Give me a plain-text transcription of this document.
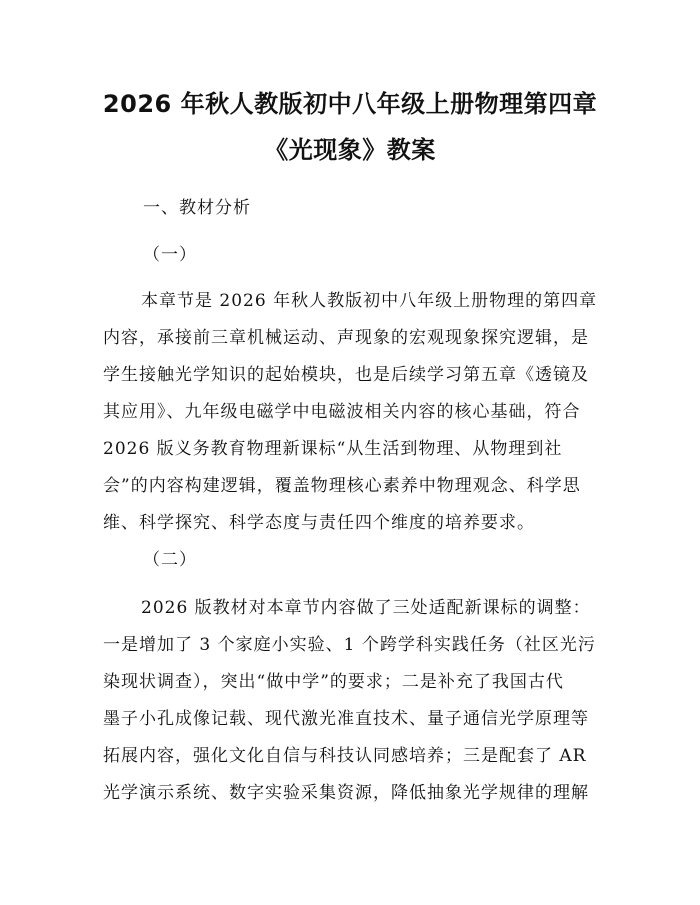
2026 年秋人教版初中八年级上册物理第四章
《光现象》教案
一、教材分析
（一）
本章节是 2026 年秋人教版初中八年级上册物理的第四章
内容，承接前三章机械运动、声现象的宏观现象探究逻辑，是
学生接触光学知识的起始模块，也是后续学习第五章《透镜及
其应用》、九年级电磁学中电磁波相关内容的核心基础，符合
2026 版义务教育物理新课标“从生活到物理、从物理到社
会”的内容构建逻辑，覆盖物理核心素养中物理观念、科学思
维、科学探究、科学态度与责任四个维度的培养要求。
（二）
2026 版教材对本章节内容做了三处适配新课标的调整：
一是增加了 3 个家庭小实验、1 个跨学科实践任务（社区光污
染现状调查），突出“做中学”的要求；二是补充了我国古代
墨子小孔成像记载、现代激光准直技术、量子通信光学原理等
拓展内容，强化文化自信与科技认同感培养；三是配套了 AR
光学演示系统、数字实验采集资源，降低抽象光学规律的理解
